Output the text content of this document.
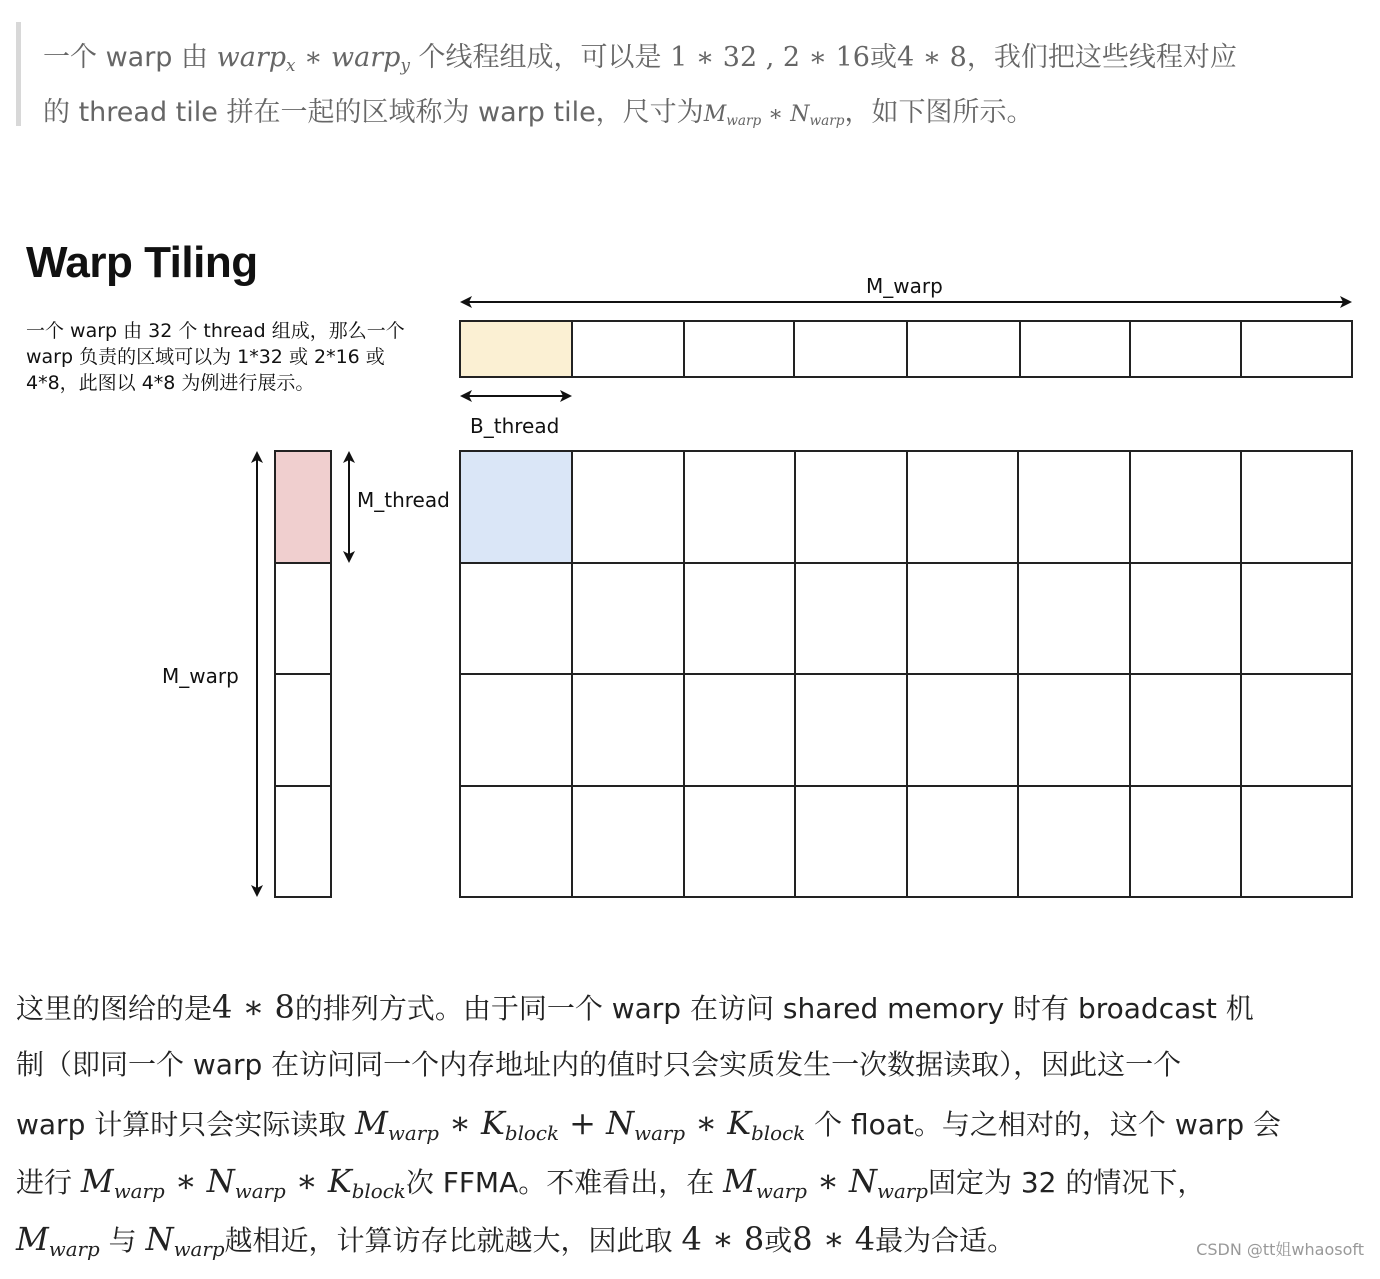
一个 warp 由 warp$_x$ ∗ warp$_y$ 个线程组成，可以是 1 ∗ 32 , 2 ∗ 16或4 ∗ 8，我们把这些线程对应
的 thread tile 拼在一起的区域称为 warp tile，尺寸为$M_{warp}$ ∗ $N_{warp}$，如下图所示。
Warp Tiling
一个 warp 由 32 个 thread 组成，那么一个 warp 负责的区域可以为 1*32 或 2*16 或 4*8，此图以 4*8 为例进行展示。
M_warp
B_thread
M_thread
M_warp
这里的图给的是4 ∗ 8的排列方式。由于同一个 warp 在访问 shared memory 时有 broadcast 机
制（即同一个 warp 在访问同一个内存地址内的值时只会实质发生一次数据读取），因此这一个
warp 计算时只会实际读取 $M_{warp}$ ∗ $K_{block} + N_{warp}$ ∗ $K_{block}$ 个 float。与之相对的，这个 warp 会
进行 $M_{warp}$ ∗ $N_{warp}$ ∗ $K_{block}$次 FFMA。不难看出，在 $M_{warp}$ ∗ $N_{warp}$固定为 32 的情况下，
$M_{warp}$ 与 $N_{warp}$越相近，计算访存比就越大，因此取 4 ∗ 8或8 ∗ 4最为合适。	CSDN @tt姐whaosoft
